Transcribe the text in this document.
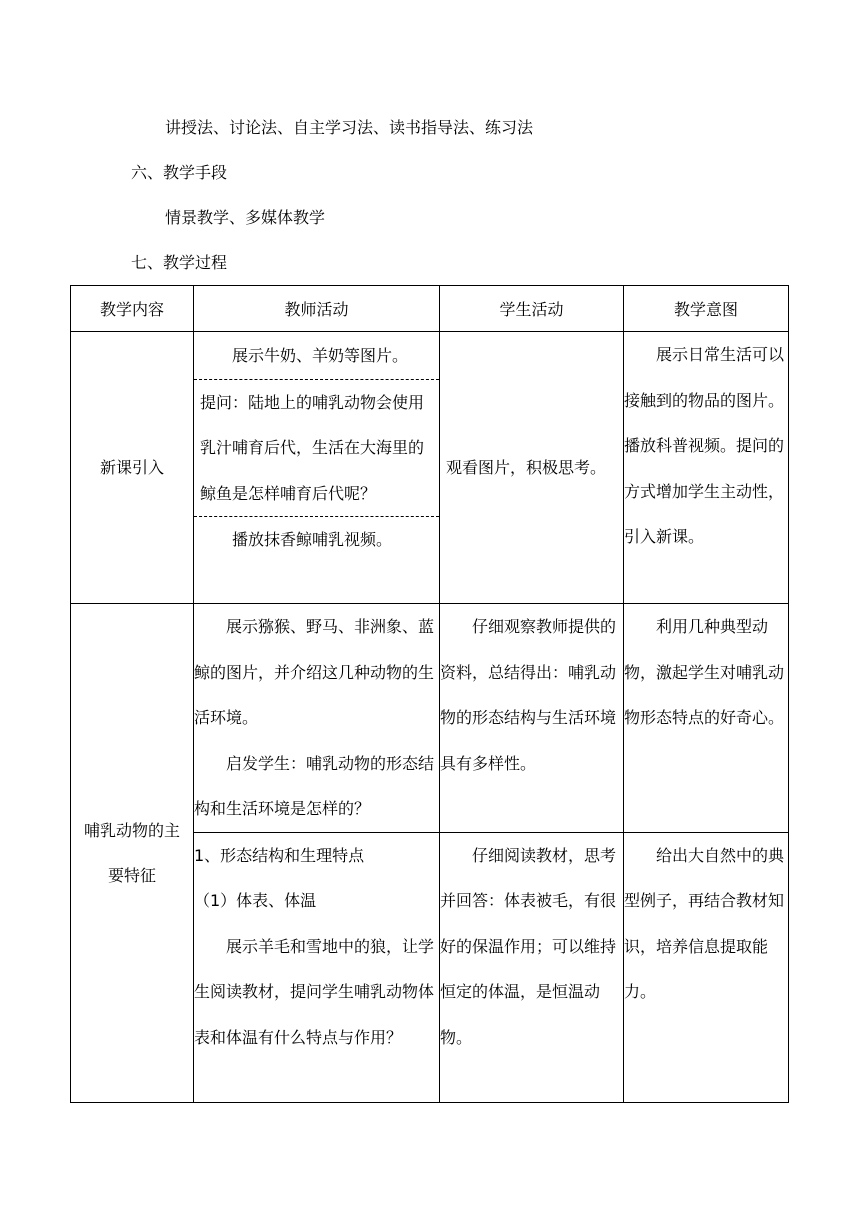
讲授法、讨论法、自主学习法、读书指导法、练习法
六、教学手段
情景教学、多媒体教学
七、教学过程
教学内容	教师活动	学生活动	教学意图
新课引入	展示牛奶、羊奶等图片。

提问：陆地上的哺乳动物会使用乳汁哺育后代，生活在大海里的鲸鱼是怎样哺育后代呢？

播放抹香鲸哺乳视频。	观看图片，积极思考。	展示日常生活可以接触到的物品的图片。播放科普视频。提问的方式增加学生主动性，引入新课。

哺乳动物的主要特征	展示猕猴、野马、非洲象、蓝鲸的图片，并介绍这几种动物的生活环境。

启发学生：哺乳动物的形态结构和生活环境是怎样的？	仔细观察教师提供的资料，总结得出：哺乳动物的形态结构与生活环境具有多样性。	利用几种典型动物，激起学生对哺乳动物形态特点的好奇心。

	1、形态结构和生理特点

（1）体表、体温

展示羊毛和雪地中的狼，让学生阅读教材，提问学生哺乳动物体表和体温有什么特点与作用？	仔细阅读教材，思考并回答：体表被毛，有很好的保温作用；可以维持恒定的体温，是恒温动物。	给出大自然中的典型例子，再结合教材知识，培养信息提取能力。
